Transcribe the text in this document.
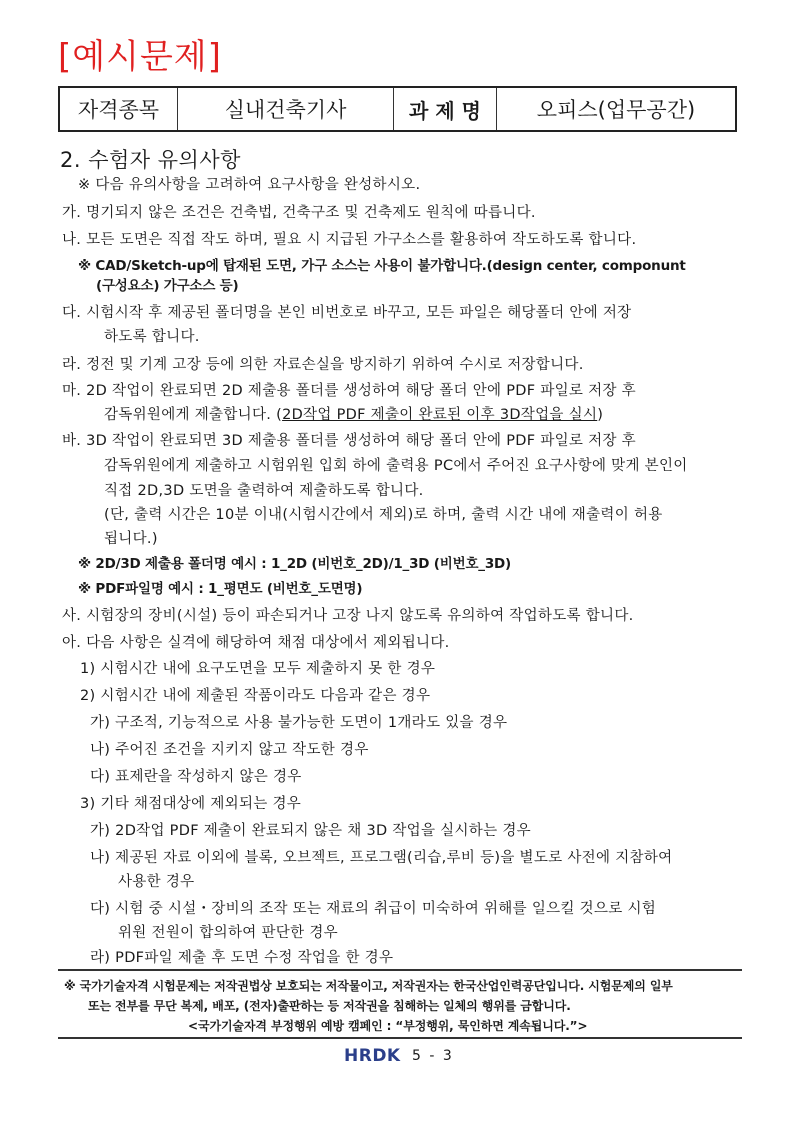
[예시문제]
자격종목	실내건축기사	과 제 명	오피스(업무공간)
2. 수험자 유의사항
※ 다음 유의사항을 고려하여 요구사항을 완성하시오.
가. 명기되지 않은 조건은 건축법, 건축구조 및 건축제도 원칙에 따릅니다.
나. 모든 도면은 직접 작도 하며, 필요 시 지급된 가구소스를 활용하여 작도하도록 합니다.
※ CAD/Sketch-up에 탑재된 도면, 가구 소스는 사용이 불가합니다.(design center, componunt
(구성요소) 가구소스 등)
다. 시험시작 후 제공된 폴더명을 본인 비번호로 바꾸고, 모든 파일은 해당폴더 안에 저장
하도록 합니다.
라. 정전 및 기계 고장 등에 의한 자료손실을 방지하기 위하여 수시로 저장합니다.
마. 2D 작업이 완료되면 2D 제출용 폴더를 생성하여 해당 폴더 안에 PDF 파일로 저장 후
감독위원에게 제출합니다. (2D작업 PDF 제출이 완료된 이후 3D작업을 실시)
바. 3D 작업이 완료되면 3D 제출용 폴더를 생성하여 해당 폴더 안에 PDF 파일로 저장 후
감독위원에게 제출하고 시험위원 입회 하에 출력용 PC에서 주어진 요구사항에 맞게 본인이
직접 2D,3D 도면을 출력하여 제출하도록 합니다.
(단, 출력 시간은 10분 이내(시험시간에서 제외)로 하며, 출력 시간 내에 재출력이 허용
됩니다.)
※ 2D/3D 제출용 폴더명 예시 : 1_2D (비번호_2D)/1_3D (비번호_3D)
※ PDF파일명 예시 : 1_평면도 (비번호_도면명)
사. 시험장의 장비(시설) 등이 파손되거나 고장 나지 않도록 유의하여 작업하도록 합니다.
아. 다음 사항은 실격에 해당하여 채점 대상에서 제외됩니다.
1) 시험시간 내에 요구도면을 모두 제출하지 못 한 경우
2) 시험시간 내에 제출된 작품이라도 다음과 같은 경우
가) 구조적, 기능적으로 사용 불가능한 도면이 1개라도 있을 경우
나) 주어진 조건을 지키지 않고 작도한 경우
다) 표제란을 작성하지 않은 경우
3) 기타 채점대상에 제외되는 경우
가) 2D작업 PDF 제출이 완료되지 않은 채 3D 작업을 실시하는 경우
나) 제공된 자료 이외에 블록, 오브젝트, 프로그램(리습,루비 등)을 별도로 사전에 지참하여
사용한 경우
다) 시험 중 시설・장비의 조작 또는 재료의 취급이 미숙하여 위해를 일으킬 것으로 시험
위원 전원이 합의하여 판단한 경우
라) PDF파일 제출 후 도면 수정 작업을 한 경우
※ 국가기술자격 시험문제는 저작권법상 보호되는 저작물이고, 저작권자는 한국산업인력공단입니다. 시험문제의 일부
또는 전부를 무단 복제, 배포, (전자)출판하는 등 저작권을 침해하는 일체의 행위를 금합니다.
<국가기술자격 부정행위 예방 캠페인 : “부정행위, 묵인하면 계속됩니다.”>
HRDK 5 - 3
